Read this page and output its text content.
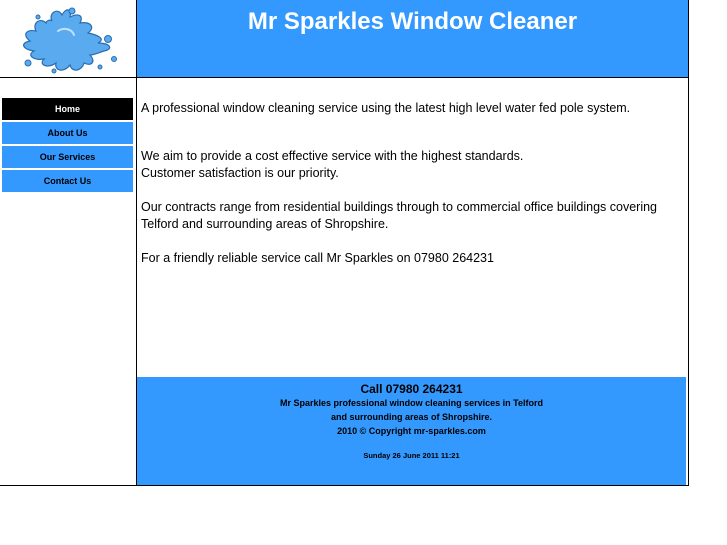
Mr Sparkles Window Cleaner
Home
About Us
Our Services
Contact Us

A professional window cleaning service using the latest high level water fed pole system.

We aim to provide a cost effective service with the highest standards.

Customer satisfaction is our priority.

Our contracts range from residential buildings through to commercial office buildings covering Telford and surrounding areas of Shropshire.

For a friendly reliable service call Mr Sparkles on 07980 264231

Call 07980 264231
Mr Sparkles professional window cleaning services in Telford
and surrounding areas of Shropshire.
2010 © Copyright mr-sparkles.com
Sunday 26 June 2011 11:21
